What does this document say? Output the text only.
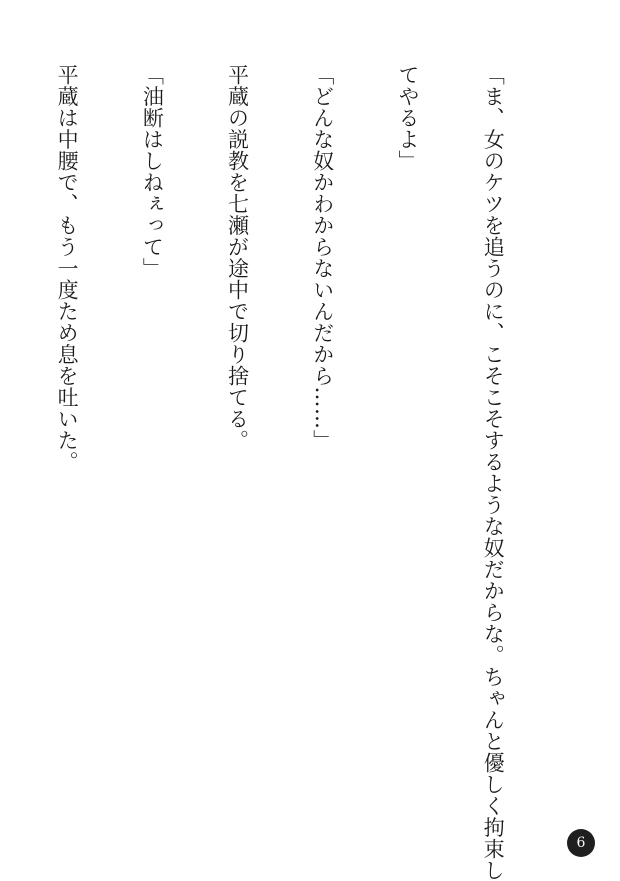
「ま、女のケツを追うのに、こそこそするような奴だからな。ちゃんと優しく拘束し

てやるよ」

「どんな奴かわからないんだから……」

平蔵の説教を七瀬が途中で切り捨てる。

「油断はしねぇって」

平蔵は中腰で、もう一度ため息を吐いた。

6
